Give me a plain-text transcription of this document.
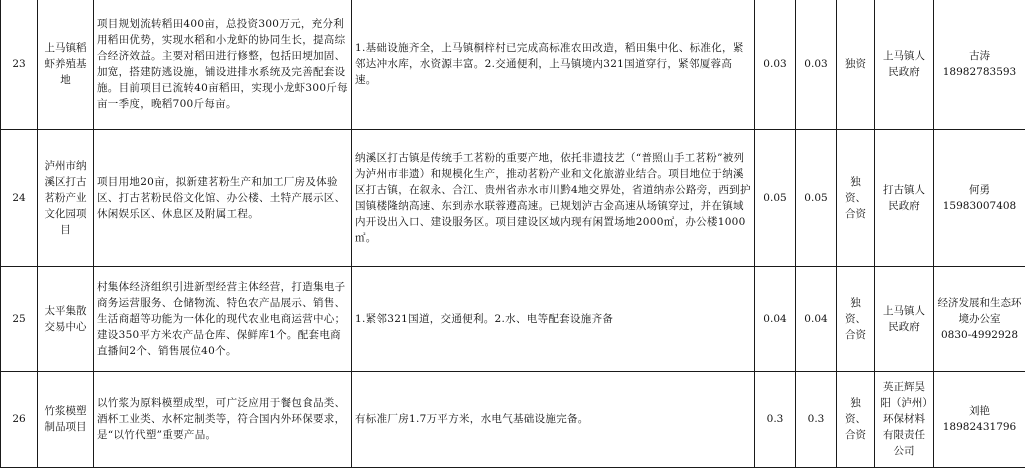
23	上马镇稻虾养殖基地	项目规划流转稻田400亩，总投资300万元，充分利用稻田优势，实现水稻和小龙虾的协同生长，提高综合经济效益。主要对稻田进行修整，包括田埂加固、加宽，搭建防逃设施，铺设进排水系统及完善配套设施。目前项目已流转40亩稻田，实现小龙虾300斤每亩一季度，晚稻700斤每亩。	1.基础设施齐全，上马镇桐梓村已完成高标准农田改造，稻田集中化、标准化，紧邻达冲水库，水资源丰富。2.交通便利，上马镇境内321国道穿行，紧邻厦蓉高速。	0.03	0.03	独资	上马镇人民政府	古涛
18982783593

24	泸州市纳溪区打古茗粉产业文化园项目	项目用地20亩，拟新建茗粉生产和加工厂房及体验区、打古茗粉民俗文化馆、办公楼、土特产展示区、休闲娱乐区、休息区及附属工程。	纳溪区打古镇是传统手工茗粉的重要产地，依托非遗技艺（“普照山手工茗粉”被列为泸州市非遗）和规模化生产，推动茗粉产业和文化旅游业结合。项目地位于纳溪区打古镇，在叙永、合江、贵州省赤水市川黔4地交界处，省道纳赤公路旁，西到护国镇楼隆纳高速、东到赤水联蓉遵高速。已规划泸古金高速从场镇穿过，并在镇域内开设出入口、建设服务区。项目建设区域内现有闲置场地2000㎡，办公楼1000㎡。	0.05	0.05	独资、合资	打古镇人民政府	何勇
15983007408

25	太平集散交易中心	村集体经济组织引进新型经营主体经营，打造集电子商务运营服务、仓储物流、特色农产品展示、销售、生活商超等功能为一体化的现代农业电商运营中心；建设350平方米农产品仓库、保鲜库1个。配套电商直播间2个、销售展位40个。	1.紧邻321国道，交通便利。2.水、电等配套设施齐备	0.04	0.04	独资、合资	上马镇人民政府	经济发展和生态环境办公室
0830-4992928

26	竹浆模塑制品项目	以竹浆为原料模塑成型，可广泛应用于餐包食品类、酒杯工业类、水杯定制类等，符合国内外环保要求，是“以竹代塑”重要产品。	有标准厂房1.7万平方米，水电气基础设施完备。	0.3	0.3	独资、合资	英正辉昊阳（泸州）环保材料有限责任公司	刘艳
18982431796
